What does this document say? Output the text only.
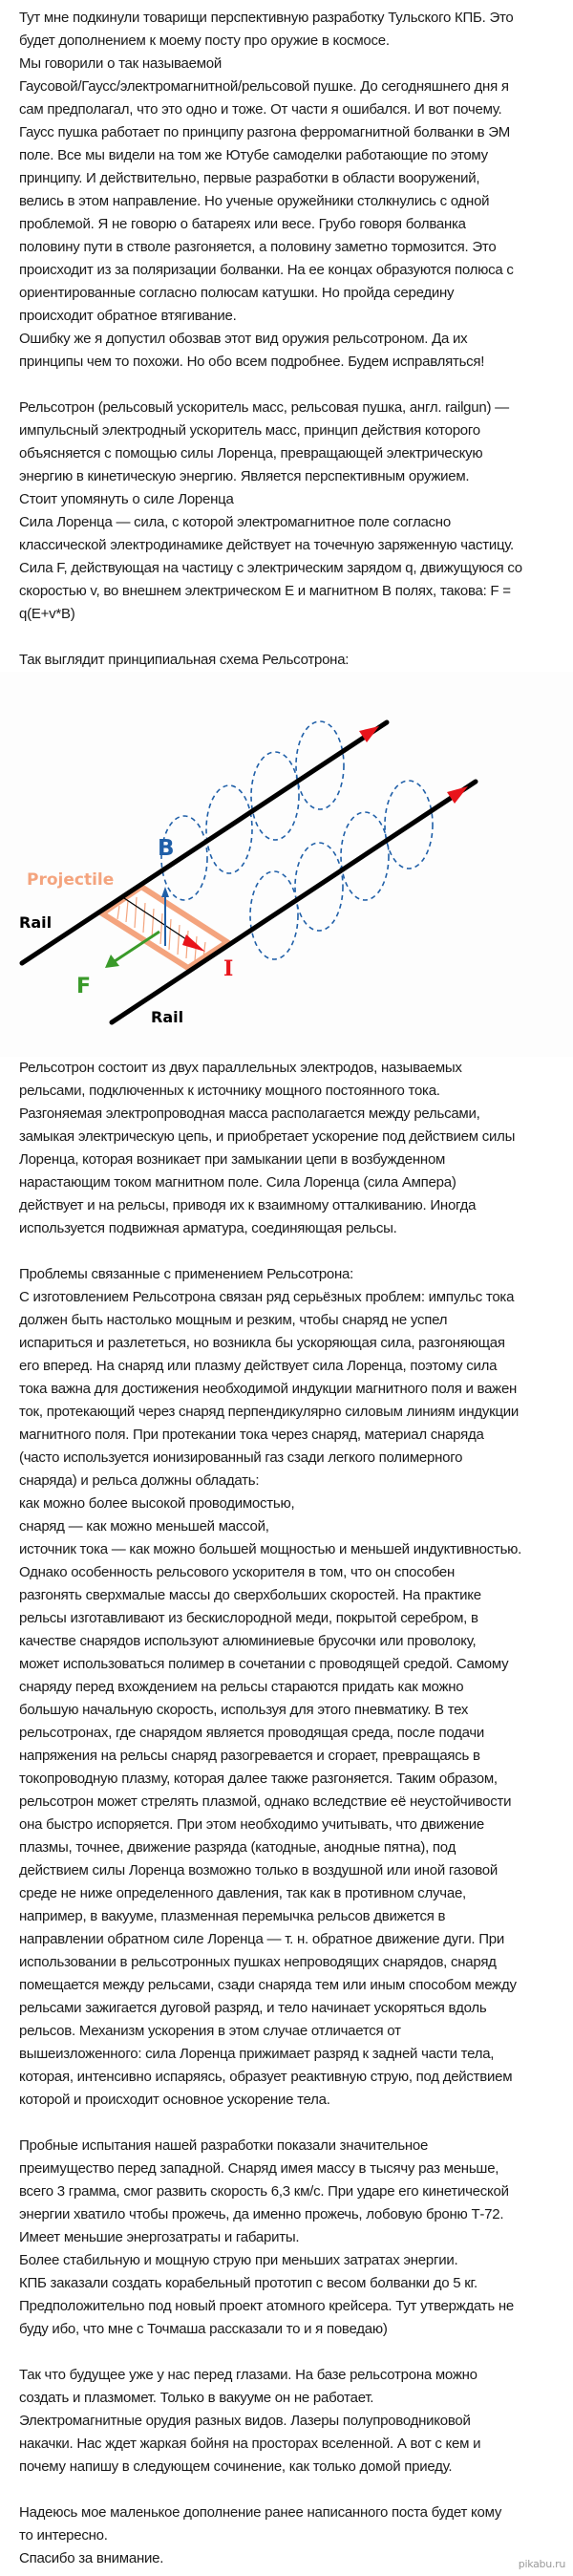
Тут мне подкинули товарищи перспективную разработку Тульского КПБ. Это
будет дополнением к моему посту про оружие в космосе.
Мы говорили о так называемой
Гаусовой/Гаусс/электромагнитной/рельсовой пушке. До сегодняшнего дня я
сам предполагал, что это одно и тоже. От части я ошибался. И вот почему.
Гаусс пушка работает по принципу разгона ферромагнитной болванки в ЭМ
поле. Все мы видели на том же Ютубе самоделки работающие по этому
принципу. И действительно, первые разработки в области вооружений,
велись в этом направление. Но ученые оружейники столкнулись с одной
проблемой. Я не говорю о батареях или весе. Грубо говоря болванка
половину пути в стволе разгоняется, а половину заметно тормозится. Это
происходит из за поляризации болванки. На ее концах образуются полюса с
ориентированные согласно полюсам катушки. Но пройда середину
происходит обратное втягивание.
Ошибку же я допустил обозвав этот вид оружия рельсотроном. Да их
принципы чем то похожи. Но обо всем подробнее. Будем исправляться!
Рельсотрон (рельсовый ускоритель масс, рельсовая пушка, англ. railgun) —
импульсный электродный ускоритель масс, принцип действия которого
объясняется с помощью силы Лоренца, превращающей электрическую
энергию в кинетическую энергию. Является перспективным оружием.
Стоит упомянуть о силе Лоренца
Сила Лоренца — сила, с которой электромагнитное поле согласно
классической электродинамике действует на точечную заряженную частицу.
Сила F, действующая на частицу с электрическим зарядом q, движущуюся со
скоростью v, во внешнем электрическом E и магнитном B полях, такова: F =
q(E+v*B)
Так выглядит принципиальная схема Рельсотрона:
Projectile
Rail
Rail
B
I
F
Рельсотрон состоит из двух параллельных электродов, называемых
рельсами, подключенных к источнику мощного постоянного тока.
Разгоняемая электропроводная масса располагается между рельсами,
замыкая электрическую цепь, и приобретает ускорение под действием силы
Лоренца, которая возникает при замыкании цепи в возбужденном
нарастающим током магнитном поле. Сила Лоренца (сила Ампера)
действует и на рельсы, приводя их к взаимному отталкиванию. Иногда
используется подвижная арматура, соединяющая рельсы.
Проблемы связанные с применением Рельсотрона:
С изготовлением Рельсотрона связан ряд серьёзных проблем: импульс тока
должен быть настолько мощным и резким, чтобы снаряд не успел
испариться и разлететься, но возникла бы ускоряющая сила, разгоняющая
его вперед. На снаряд или плазму действует сила Лоренца, поэтому сила
тока важна для достижения необходимой индукции магнитного поля и важен
ток, протекающий через снаряд перпендикулярно силовым линиям индукции
магнитного поля. При протекании тока через снаряд, материал снаряда
(часто используется ионизированный газ сзади легкого полимерного
снаряда) и рельса должны обладать:
как можно более высокой проводимостью,
снаряд — как можно меньшей массой,
источник тока — как можно большей мощностью и меньшей индуктивностью.
Однако особенность рельсового ускорителя в том, что он способен
разгонять сверхмалые массы до сверхбольших скоростей. На практике
рельсы изготавливают из бескислородной меди, покрытой серебром, в
качестве снарядов используют алюминиевые брусочки или проволоку,
может использоваться полимер в сочетании с проводящей средой. Самому
снаряду перед вхождением на рельсы стараются придать как можно
большую начальную скорость, используя для этого пневматику. В тех
рельсотронах, где снарядом является проводящая среда, после подачи
напряжения на рельсы снаряд разогревается и сгорает, превращаясь в
токопроводную плазму, которая далее также разгоняется. Таким образом,
рельсотрон может стрелять плазмой, однако вследствие её неустойчивости
она быстро испоряется. При этом необходимо учитывать, что движение
плазмы, точнее, движение разряда (катодные, анодные пятна), под
действием силы Лоренца возможно только в воздушной или иной газовой
среде не ниже определенного давления, так как в противном случае,
например, в вакууме, плазменная перемычка рельсов движется в
направлении обратном силе Лоренца — т. н. обратное движение дуги. При
использовании в рельсотронных пушках непроводящих снарядов, снаряд
помещается между рельсами, сзади снаряда тем или иным способом между
рельсами зажигается дуговой разряд, и тело начинает ускоряться вдоль
рельсов. Механизм ускорения в этом случае отличается от
вышеизложенного: сила Лоренца прижимает разряд к задней части тела,
которая, интенсивно испаряясь, образует реактивную струю, под действием
которой и происходит основное ускорение тела.
Пробные испытания нашей разработки показали значительное
преимущество перед западной. Снаряд имея массу в тысячу раз меньше,
всего 3 грамма, смог развить скорость 6,3 км/с. При ударе его кинетической
энергии хватило чтобы прожечь, да именно прожечь, лобовую броню Т-72.
Имеет меньшие энергозатраты и габариты.
Более стабильную и мощную струю при меньших затратах энергии.
КПБ заказали создать корабельный прототип с весом болванки до 5 кг.
Предположительно под новый проект атомного крейсера. Тут утверждать не
буду ибо, что мне с Точмаша рассказали то и я поведаю)
Так что будущее уже у нас перед глазами. На базе рельсотрона можно
создать и плазмомет. Только в вакууме он не работает.
Электромагнитные орудия разных видов. Лазеры полупроводниковой
накачки. Нас ждет жаркая бойня на просторах вселенной. А вот с кем и
почему напишу в следующем сочинение, как только домой приеду.
Надеюсь мое маленькое дополнение ранее написанного поста будет кому
то интересно.
Спасибо за внимание.	pikabu.ru
